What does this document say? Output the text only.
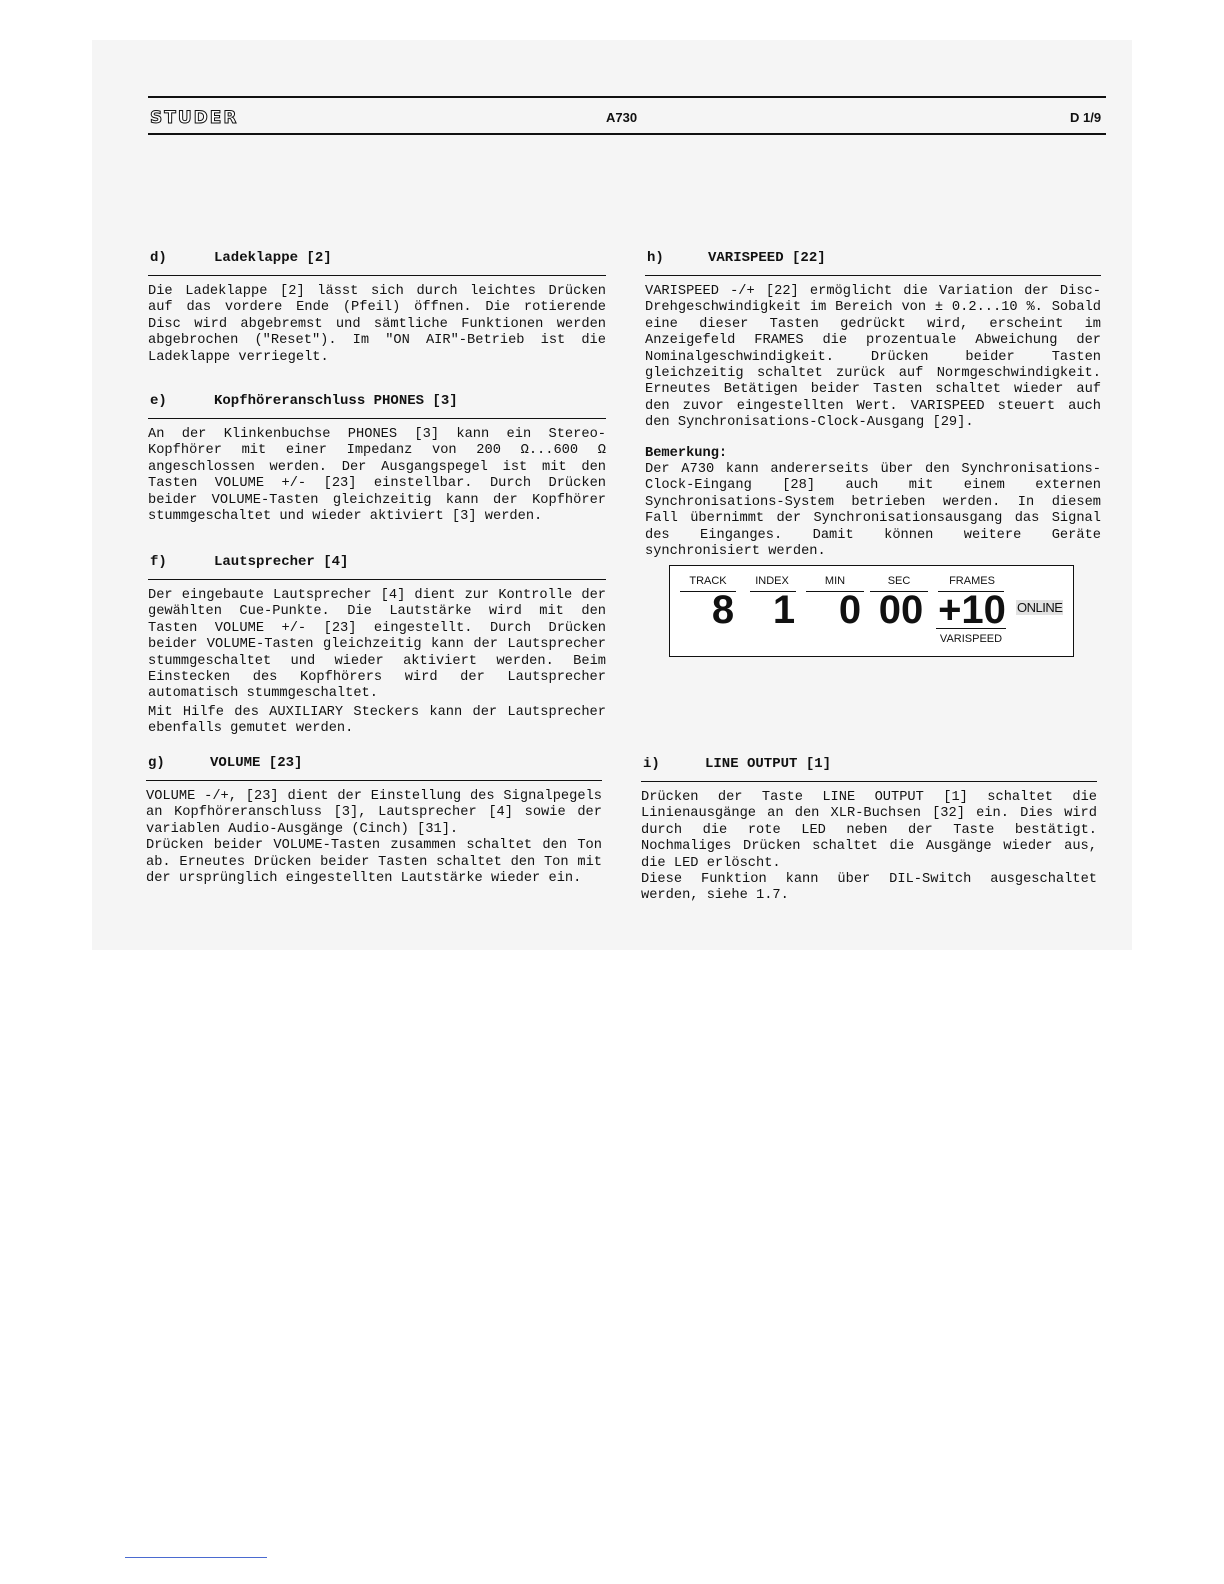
STUDER	A730	D 1/9
d)	Ladeklappe [2]

Die Ladeklappe [2] lässt sich durch leichtes Drücken auf das vordere Ende (Pfeil) öffnen. Die rotierende Disc wird abgebremst und sämtliche Funktionen werden abgebrochen ("Reset"). Im "ON AIR"-Betrieb ist die Ladeklappe verriegelt.

e)	Kopfhöreranschluss PHONES [3]

An der Klinkenbuchse PHONES [3] kann ein Stereo-Kopfhörer mit einer Impedanz von 200 Ω...600 Ω angeschlossen werden. Der Ausgangspegel ist mit den Tasten VOLUME +/- [23] einstellbar. Durch Drücken beider VOLUME-Tasten gleichzeitig kann der Kopfhörer stummgeschaltet und wieder aktiviert [3] werden.

f)	Lautsprecher [4]

Der eingebaute Lautsprecher [4] dient zur Kontrolle der gewählten Cue-Punkte. Die Lautstärke wird mit den Tasten VOLUME +/- [23] eingestellt. Durch Drücken beider VOLUME-Tasten gleichzeitig kann der Lautsprecher stummgeschaltet und wieder aktiviert werden. Beim Einstecken des Kopfhörers wird der Lautsprecher automatisch stummgeschaltet.

Mit Hilfe des AUXILIARY Steckers kann der Lautsprecher ebenfalls gemutet werden.

g)	VOLUME [23]

VOLUME -/+, [23] dient der Einstellung des Signalpegels an Kopfhöreranschluss [3], Lautsprecher [4] sowie der variablen Audio-Ausgänge (Cinch) [31].

Drücken beider VOLUME-Tasten zusammen schaltet den Ton ab. Erneutes Drücken beider Tasten schaltet den Ton mit der ursprünglich eingestellten Lautstärke wieder ein.

h)	VARISPEED [22]

VARISPEED -/+ [22] ermöglicht die Variation der Disc-Drehgeschwindigkeit im Bereich von ± 0.2...10 %. Sobald eine dieser Tasten gedrückt wird, erscheint im Anzeigefeld FRAMES die prozentuale Abweichung der Nominalgeschwindigkeit. Drücken beider Tasten gleichzeitig schaltet zurück auf Normgeschwindigkeit. Erneutes Betätigen beider Tasten schaltet wieder auf den zuvor eingestellten Wert. VARISPEED steuert auch den Synchronisations-Clock-Ausgang [29].

Bemerkung:

Der A730 kann andererseits über den Synchronisations-Clock-Eingang [28] auch mit einem externen Synchronisations-System betrieben werden. In diesem Fall übernimmt der Synchronisationsausgang das Signal des Einganges. Damit können weitere Geräte synchronisiert werden.

TRACK	INDEX	MIN	SEC	FRAMES
8 1 0 00 +10 ONLINE
VARISPEED
i)	LINE OUTPUT [1]

Drücken der Taste LINE OUTPUT [1] schaltet die Linienausgänge an den XLR-Buchsen [32] ein. Dies wird durch die rote LED neben der Taste bestätigt. Nochmaliges Drücken schaltet die Ausgänge wieder aus, die LED erlöscht.

Diese Funktion kann über DIL-Switch ausgeschaltet werden, siehe 1.7.
